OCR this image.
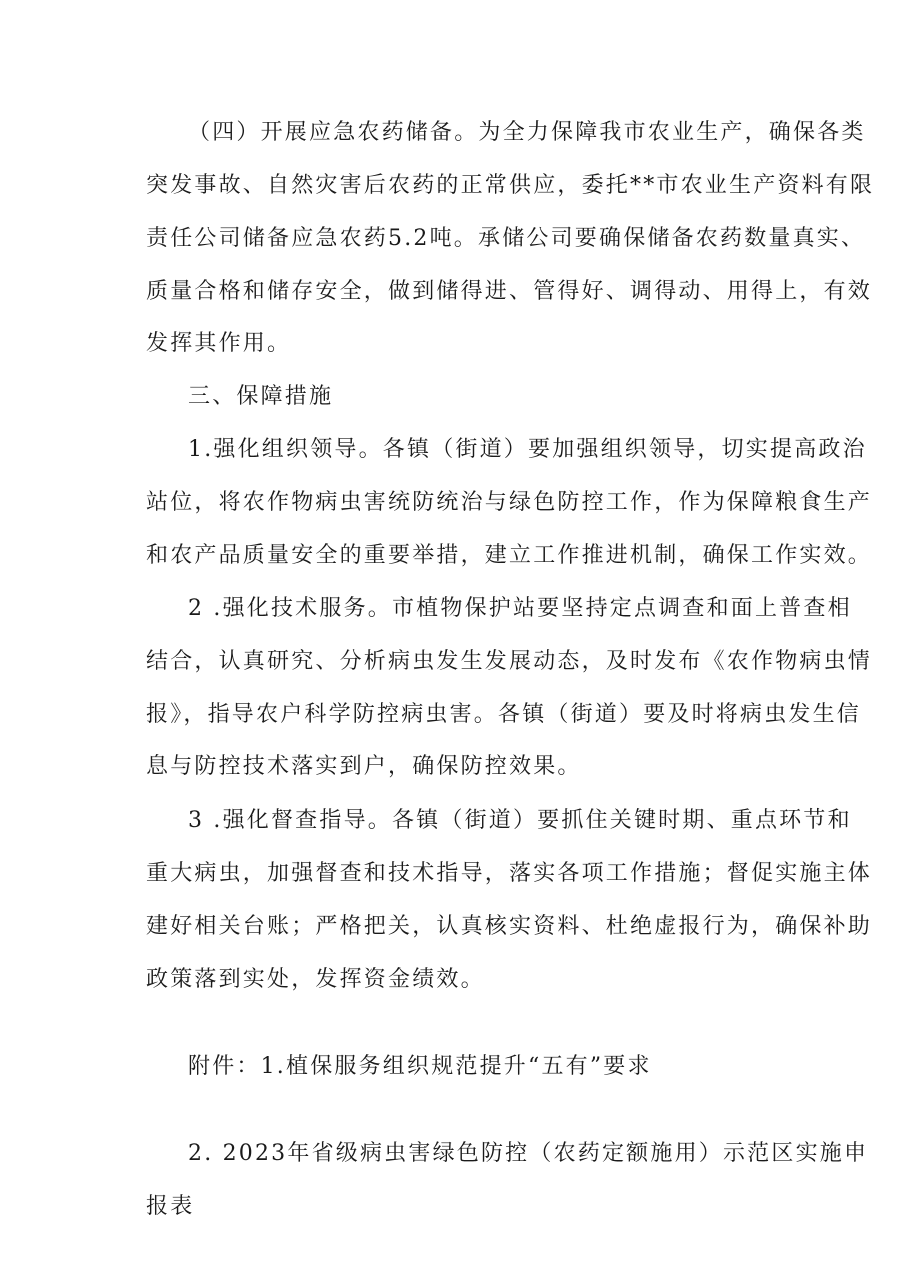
（四）开展应急农药储备。为全力保障我市农业生产，确保各类
突发事故、自然灾害后农药的正常供应，委托**市农业生产资料有限
责任公司储备应急农药5.2吨。承储公司要确保储备农药数量真实、
质量合格和储存安全，做到储得进、管得好、调得动、用得上，有效
发挥其作用。
三、保障措施
1.强化组织领导。各镇（街道）要加强组织领导，切实提高政治
站位，将农作物病虫害统防统治与绿色防控工作，作为保障粮食生产
和农产品质量安全的重要举措，建立工作推进机制，确保工作实效。
2 .强化技术服务。市植物保护站要坚持定点调查和面上普查相
结合，认真研究、分析病虫发生发展动态，及时发布《农作物病虫情
报》，指导农户科学防控病虫害。各镇（街道）要及时将病虫发生信
息与防控技术落实到户，确保防控效果。
3 .强化督查指导。各镇（街道）要抓住关键时期、重点环节和
重大病虫，加强督查和技术指导，落实各项工作措施；督促实施主体
建好相关台账；严格把关，认真核实资料、杜绝虚报行为，确保补助
政策落到实处，发挥资金绩效。
附件：1.植保服务组织规范提升“五有”要求
2. 2023年省级病虫害绿色防控（农药定额施用）示范区实施申
报表
